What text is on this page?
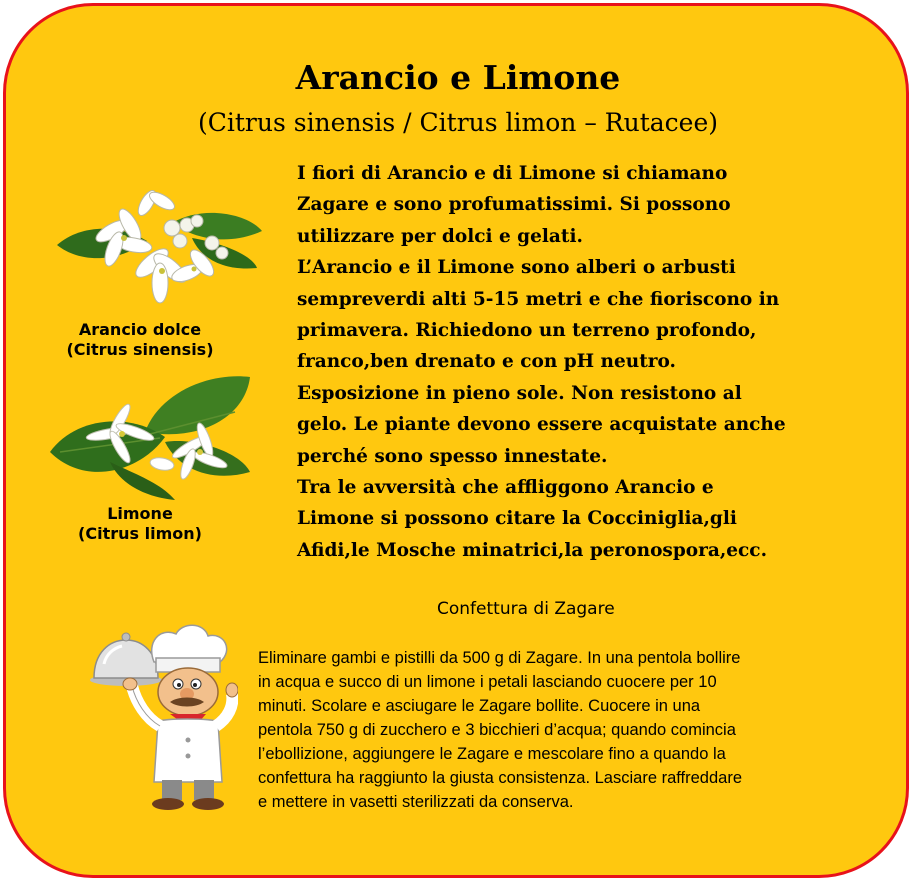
Arancio e Limone
(Citrus sinensis / Citrus limon – Rutacee)
Arancio dolce
(Citrus sinensis)
Limone
(Citrus limon)
I fiori di Arancio e di Limone si chiamano
Zagare e sono profumatissimi. Si possono
utilizzare per dolci e gelati.
L’Arancio e il Limone sono alberi o arbusti
sempreverdi alti 5-15 metri e che fioriscono in
primavera. Richiedono un terreno profondo,
franco,ben drenato e con pH neutro.
Esposizione in pieno sole. Non resistono al
gelo. Le piante devono essere acquistate anche
perché sono spesso innestate.
Tra le avversità che affliggono Arancio e
Limone si possono citare la Cocciniglia,gli
Afidi,le Mosche minatrici,la peronospora,ecc.
Confettura di Zagare
Eliminare gambi e pistilli da 500 g di Zagare. In una pentola bollire
in acqua e succo di un limone i petali lasciando cuocere per 10
minuti. Scolare e asciugare le Zagare bollite. Cuocere in una
pentola 750 g di zucchero e 3 bicchieri d’acqua; quando comincia
l’ebollizione, aggiungere le Zagare e mescolare fino a quando la
confettura ha raggiunto la giusta consistenza. Lasciare raffreddare
e mettere in vasetti sterilizzati da conserva.
